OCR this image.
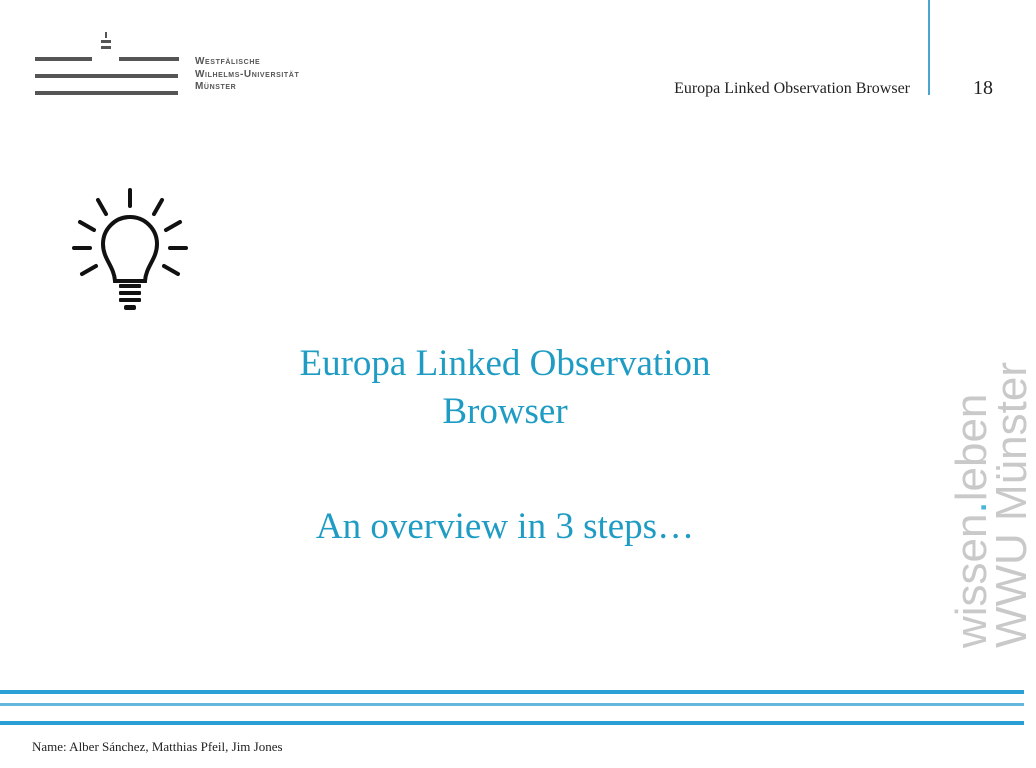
Westfälische
Wilhelms-Universität
Münster	Europa Linked Observation Browser	18
Europa Linked Observation
Browser
An overview in 3 steps…	wissen.leben
WWU Münster
Name: Alber Sánchez, Matthias Pfeil, Jim Jones
